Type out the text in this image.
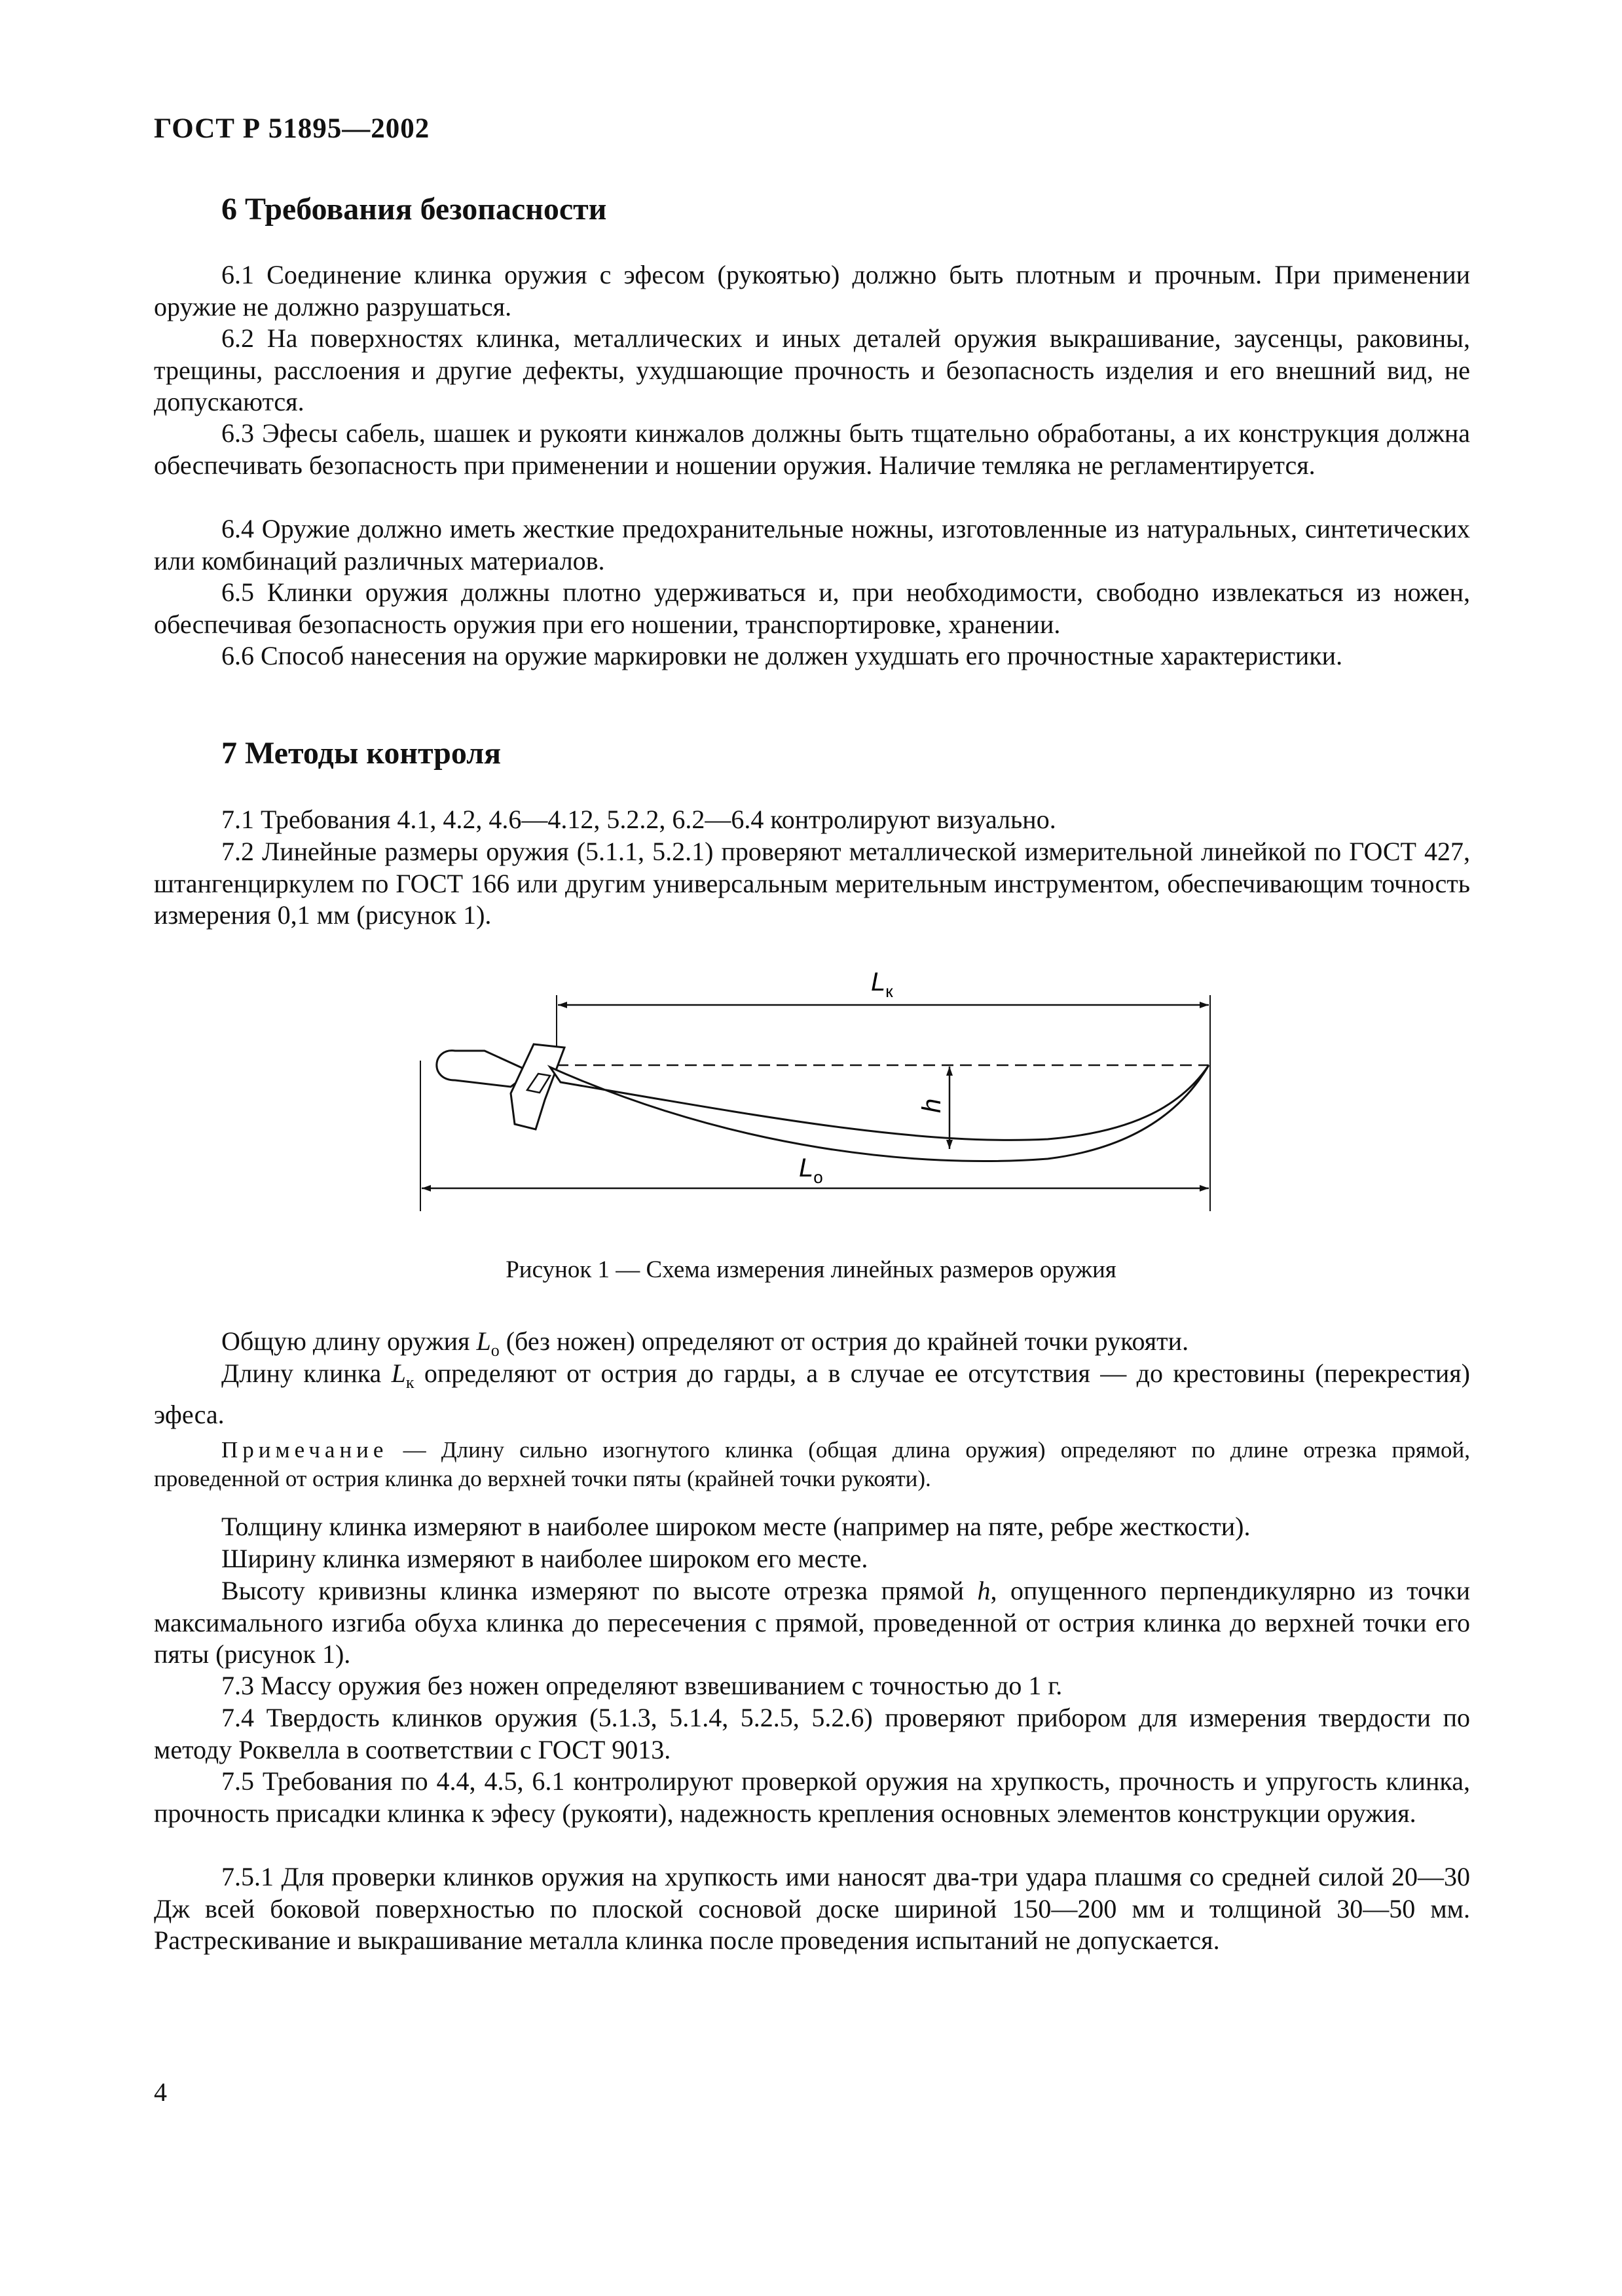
ГОСТ Р 51895—2002
6 Требования безопасности

6.1 Соединение клинка оружия с эфесом (рукоятью) должно быть плотным и прочным. При применении оружие не должно разрушаться.

6.2 На поверхностях клинка, металлических и иных деталей оружия выкрашивание, заусенцы, раковины, трещины, расслоения и другие дефекты, ухудшающие прочность и безопасность изделия и его внешний вид, не допускаются.

6.3 Эфесы сабель, шашек и рукояти кинжалов должны быть тщательно обработаны, а их конструкция должна обеспечивать безопасность при применении и ношении оружия. Наличие темляка не регламентируется.

6.4 Оружие должно иметь жесткие предохранительные ножны, изготовленные из натуральных, синтетических или комбинаций различных материалов.

6.5 Клинки оружия должны плотно удерживаться и, при необходимости, свободно извлекаться из ножен, обеспечивая безопасность оружия при его ношении, транспортировке, хранении.

6.6 Способ нанесения на оружие маркировки не должен ухудшать его прочностные характеристики.

7 Методы контроля

7.1 Требования 4.1, 4.2, 4.6—4.12, 5.2.2, 6.2—6.4 контролируют визуально.

7.2 Линейные размеры оружия (5.1.1, 5.2.1) проверяют металлической измерительной линейкой по ГОСТ 427, штангенциркулем по ГОСТ 166 или другим универсальным мерительным инструментом, обеспечивающим точность измерения 0,1 мм (рисунок 1).

$L_к$
h
$L_о$
Рисунок 1 — Схема измерения линейных размеров оружия

Общую длину оружия $L_о$ (без ножен) определяют от острия до крайней точки рукояти.

Длину клинка $L_к$ определяют от острия до гарды, а в случае ее отсутствия — до крестовины (перекрестия) эфеса.

Примечание — Длину сильно изогнутого клинка (общая длина оружия) определяют по длине отрезка прямой, проведенной от острия клинка до верхней точки пяты (крайней точки рукояти).

Толщину клинка измеряют в наиболее широком месте (например на пяте, ребре жесткости).

Ширину клинка измеряют в наиболее широком его месте.

Высоту кривизны клинка измеряют по высоте отрезка прямой h, опущенного перпендикулярно из точки максимального изгиба обуха клинка до пересечения с прямой, проведенной от острия клинка до верхней точки его пяты (рисунок 1).

7.3 Массу оружия без ножен определяют взвешиванием с точностью до 1 г.

7.4 Твердость клинков оружия (5.1.3, 5.1.4, 5.2.5, 5.2.6) проверяют прибором для измерения твердости по методу Роквелла в соответствии с ГОСТ 9013.

7.5 Требования по 4.4, 4.5, 6.1 контролируют проверкой оружия на хрупкость, прочность и упругость клинка, прочность присадки клинка к эфесу (рукояти), надежность крепления основных элементов конструкции оружия.

7.5.1 Для проверки клинков оружия на хрупкость ими наносят два-три удара плашмя со средней силой 20—30 Дж всей боковой поверхностью по плоской сосновой доске шириной 150—200 мм и толщиной 30—50 мм. Растрескивание и выкрашивание металла клинка после проведения испытаний не допускается.

4
